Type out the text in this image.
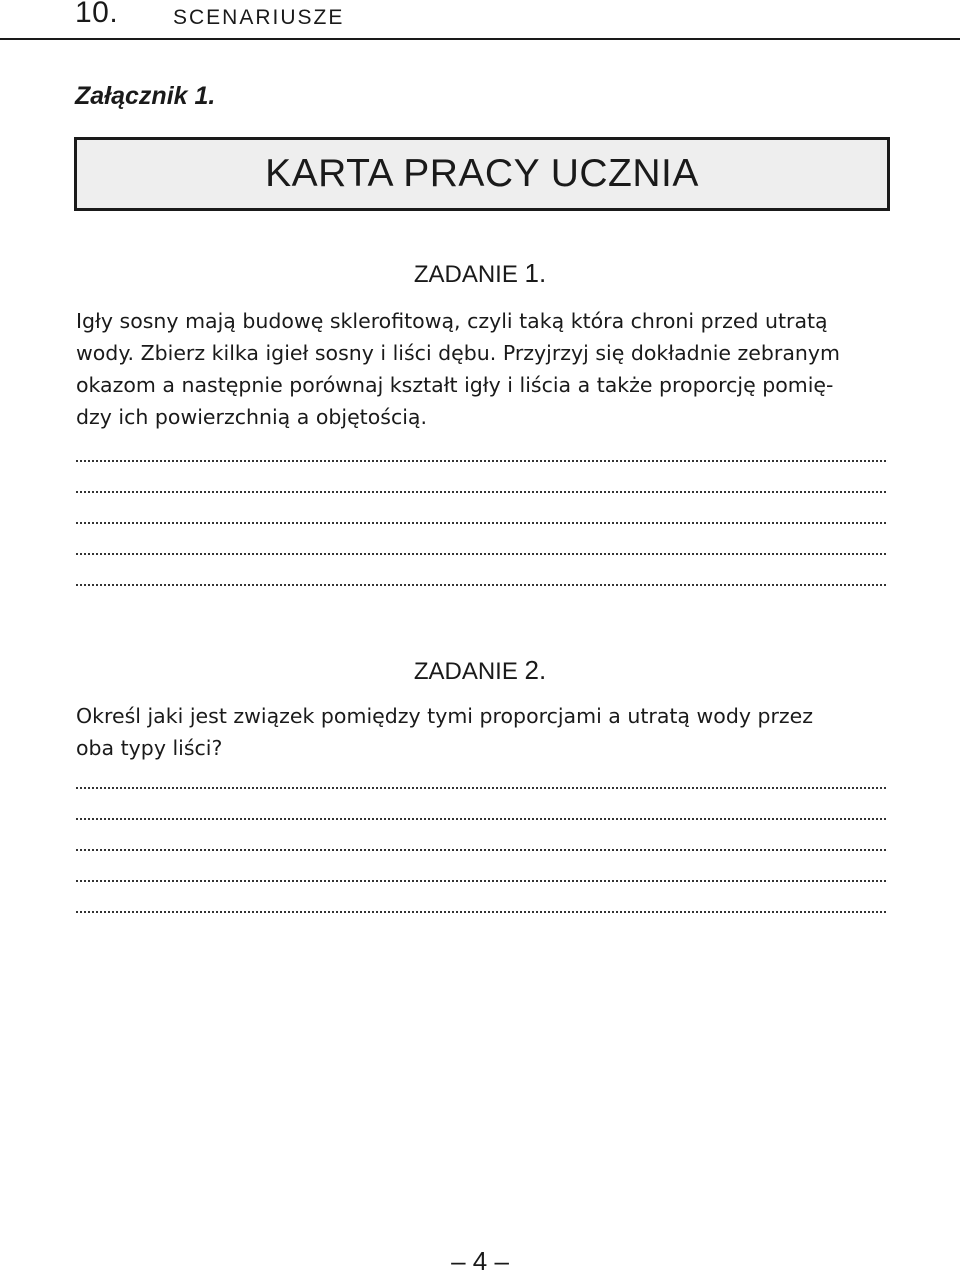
10.	SCENARIUSZE
Załącznik 1.
KARTA PRACY UCZNIA
ZADANIE 1.
Igły sosny mają budowę sklerofitową, czyli taką która chroni przed utratą
wody. Zbierz kilka igieł sosny i liści dębu. Przyjrzyj się dokładnie zebranym
okazom a następnie porównaj kształt igły i liścia a także proporcję pomię-
dzy ich powierzchnią a objętością.
ZADANIE 2.
Określ jaki jest związek pomiędzy tymi proporcjami a utratą wody przez
oba typy liści?
– 4 –
